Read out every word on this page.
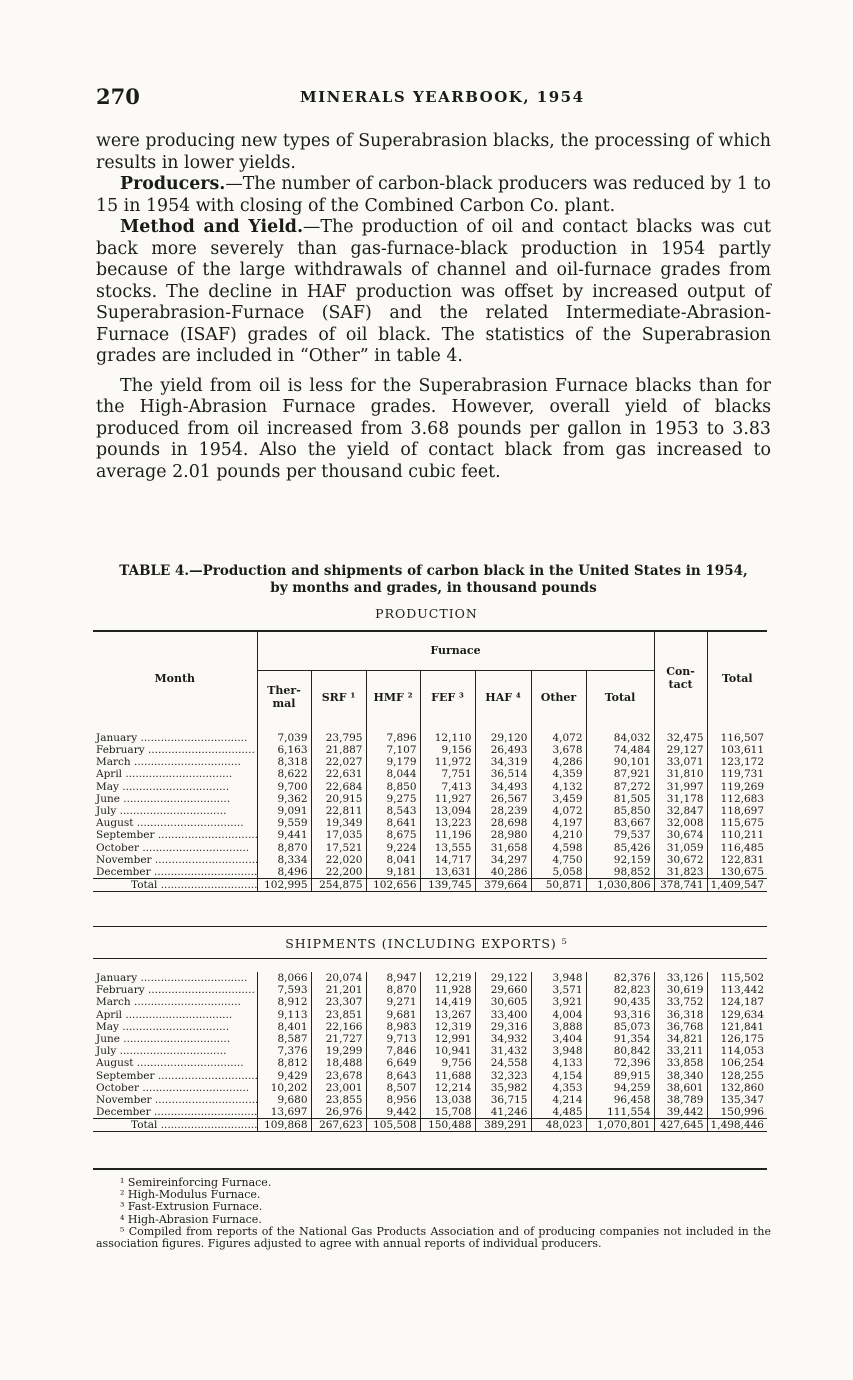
270	MINERALS YEARBOOK, 1954

were producing new types of Superabrasion blacks, the processing of which results in lower yields.

Producers.—The number of carbon-black producers was reduced by 1 to 15 in 1954 with closing of the Combined Carbon Co. plant.

Method and Yield.—The production of oil and contact blacks was cut back more severely than gas-furnace-black production in 1954 partly because of the large withdrawals of channel and oil-furnace grades from stocks. The decline in HAF production was offset by increased output of Superabrasion-Furnace (SAF) and the related Intermediate-Abrasion-Furnace (ISAF) grades of oil black. The statistics of the Superabrasion grades are included in “Other” in table 4.

The yield from oil is less for the Superabrasion Furnace blacks than for the High-Abrasion Furnace grades. However, overall yield of blacks produced from oil increased from 3.68 pounds per gallon in 1953 to 3.83 pounds in 1954. Also the yield of contact black from gas increased to average 2.01 pounds per thousand cubic feet.

TABLE 4.—Production and shipments of carbon black in the United States in 1954,
by months and grades, in thousand pounds
PRODUCTION
Month	Furnace							Con-tact	Total
	Ther-mal	SRF ¹	HMF ²	FEF ³	HAF ⁴	Other	Total		
January .....	7,039	23,795	7,896	12,110	29,120	4,072	84,032	32,475	116,507
February .....	6,163	21,887	7,107	9,156	26,493	3,678	74,484	29,127	103,611
March .....	8,318	22,027	9,179	11,972	34,319	4,286	90,101	33,071	123,172
April .....	8,622	22,631	8,044	7,751	36,514	4,359	87,921	31,810	119,731
May .....	9,700	22,684	8,850	7,413	34,493	4,132	87,272	31,997	119,269
June .....	9,362	20,915	9,275	11,927	26,567	3,459	81,505	31,178	112,683
July .....	9,091	22,811	8,543	13,094	28,239	4,072	85,850	32,847	118,697
August .....	9,559	19,349	8,641	13,223	28,698	4,197	83,667	32,008	115,675
September .....	9,441	17,035	8,675	11,196	28,980	4,210	79,537	30,674	110,211
October .....	8,870	17,521	9,224	13,555	31,658	4,598	85,426	31,059	116,485
November .....	8,334	22,020	8,041	14,717	34,297	4,750	92,159	30,672	122,831
December .....	8,496	22,200	9,181	13,631	40,286	5,058	98,852	31,823	130,675
Total .....	102,995	254,875	102,656	139,745	379,664	50,871	1,030,806	378,741	1,409,547
SHIPMENTS (INCLUDING EXPORTS) ⁵
January .....	8,066	20,074	8,947	12,219	29,122	3,948	82,376	33,126	115,502
February .....	7,593	21,201	8,870	11,928	29,660	3,571	82,823	30,619	113,442
March .....	8,912	23,307	9,271	14,419	30,605	3,921	90,435	33,752	124,187
April .....	9,113	23,851	9,681	13,267	33,400	4,004	93,316	36,318	129,634
May .....	8,401	22,166	8,983	12,319	29,316	3,888	85,073	36,768	121,841
June .....	8,587	21,727	9,713	12,991	34,932	3,404	91,354	34,821	126,175
July .....	7,376	19,299	7,846	10,941	31,432	3,948	80,842	33,211	114,053
August .....	8,812	18,488	6,649	9,756	24,558	4,133	72,396	33,858	106,254
September .....	9,429	23,678	8,643	11,688	32,323	4,154	89,915	38,340	128,255
October .....	10,202	23,001	8,507	12,214	35,982	4,353	94,259	38,601	132,860
November .....	9,680	23,855	8,956	13,038	36,715	4,214	96,458	38,789	135,347
December .....	13,697	26,976	9,442	15,708	41,246	4,485	111,554	39,442	150,996
Total .....	109,868	267,623	105,508	150,488	389,291	48,023	1,070,801	427,645	1,498,446

¹ Semireinforcing Furnace.

² High-Modulus Furnace.

³ Fast-Extrusion Furnace.

⁴ High-Abrasion Furnace.

⁵ Compiled from reports of the National Gas Products Association and of producing companies not included in the association figures. Figures adjusted to agree with annual reports of individual producers.
